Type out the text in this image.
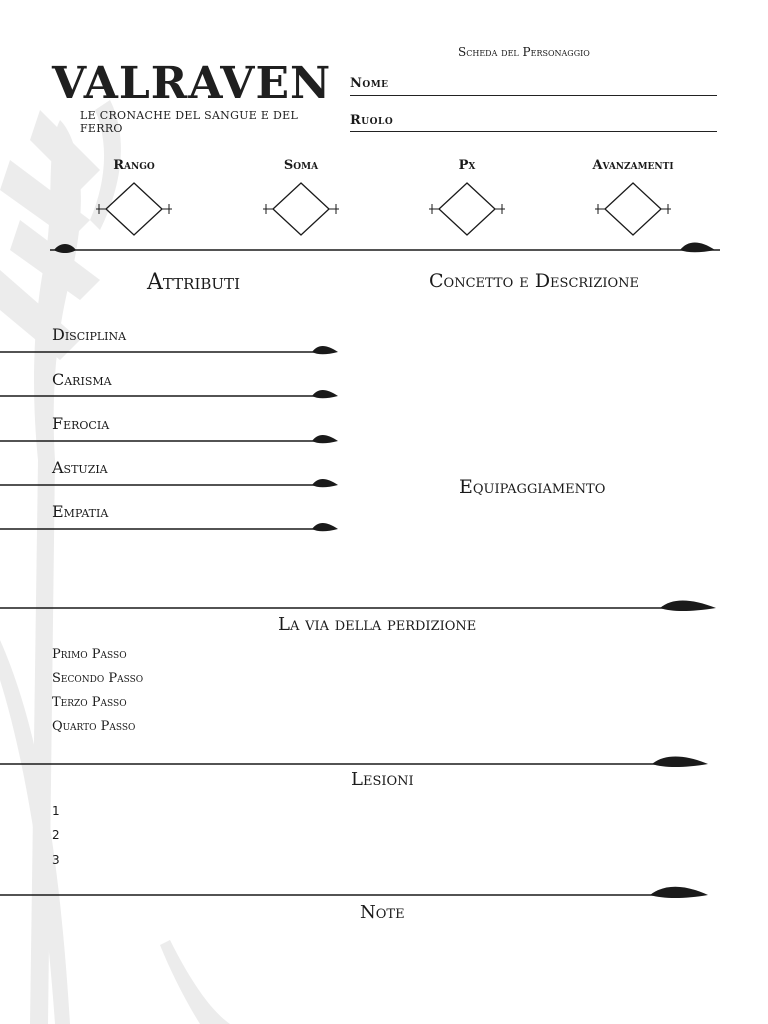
VALRAVEN
LE CRONACHE DEL SANGUE E DEL FERRO
Scheda del Personaggio
Nome
Ruolo
Rango	Soma	Px	Avanzamenti
Attributi	Concetto e Descrizione
Disciplina
Carisma
Ferocia
Astuzia
Empatia
Equipaggiamento
La via della perdizione
Primo Passo
Secondo Passo
Terzo Passo
Quarto Passo
Lesioni
1
2
3
Note
